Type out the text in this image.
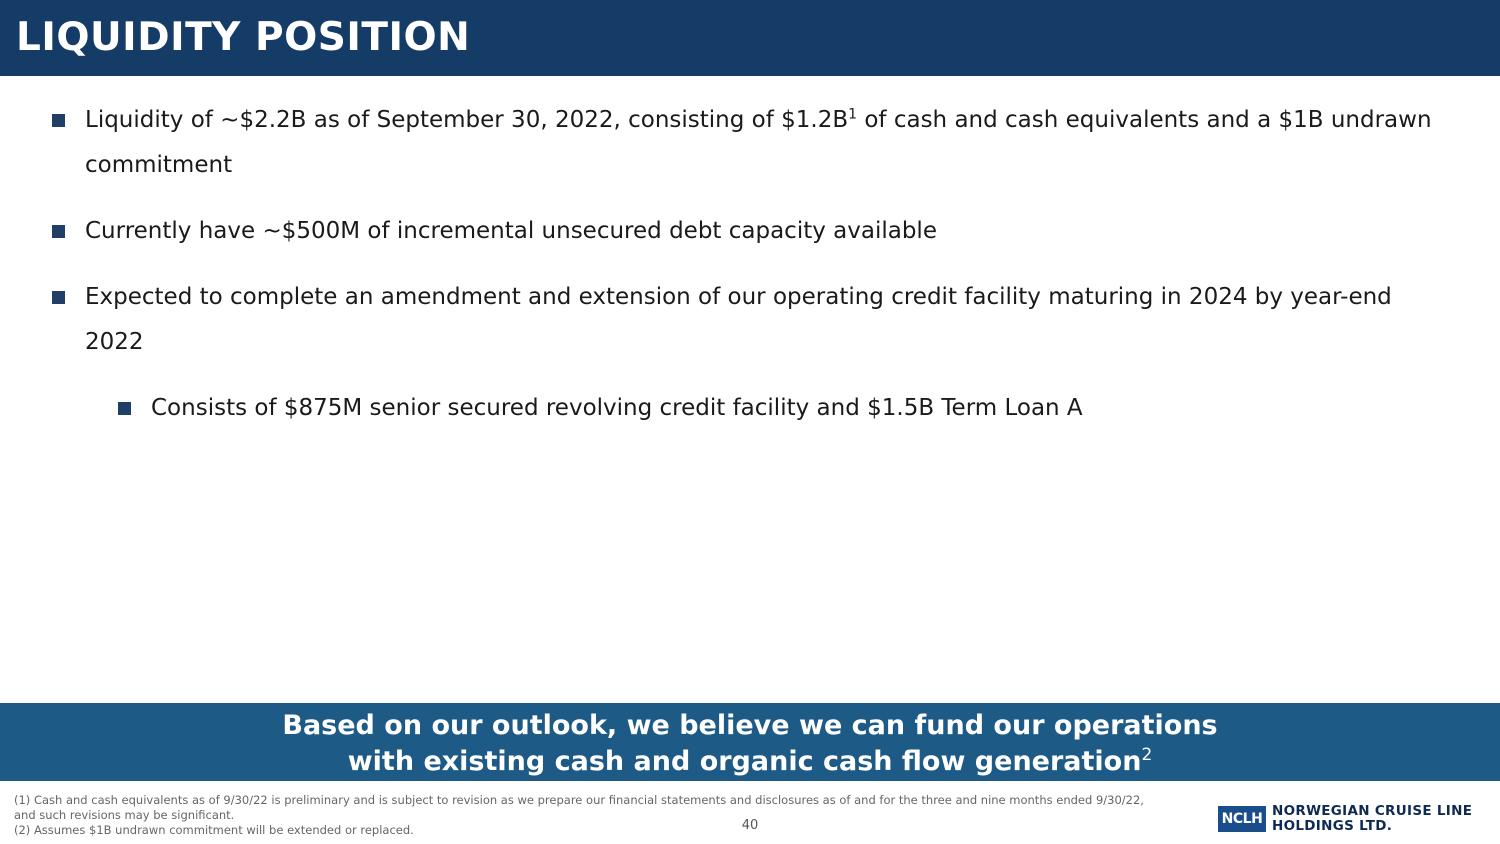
LIQUIDITY POSITION
Liquidity of ~$2.2B as of September 30, 2022, consisting of $1.2B$^1$ of cash and cash equivalents and a $1B undrawn commitment
Currently have ~$500M of incremental unsecured debt capacity available
Expected to complete an amendment and extension of our operating credit facility maturing in 2024 by year-end 2022
Consists of $875M senior secured revolving credit facility and $1.5B Term Loan A
Based on our outlook, we believe we can fund our operations
with existing cash and organic cash flow generation$^2$
(1) Cash and cash equivalents as of 9/30/22 is preliminary and is subject to revision as we prepare our financial statements and disclosures as of and for the three and nine months ended 9/30/22, and such revisions may be significant.
(2) Assumes $1B undrawn commitment will be extended or replaced.	40	NCLH NORWEGIAN CRUISE LINE
HOLDINGS LTD.
